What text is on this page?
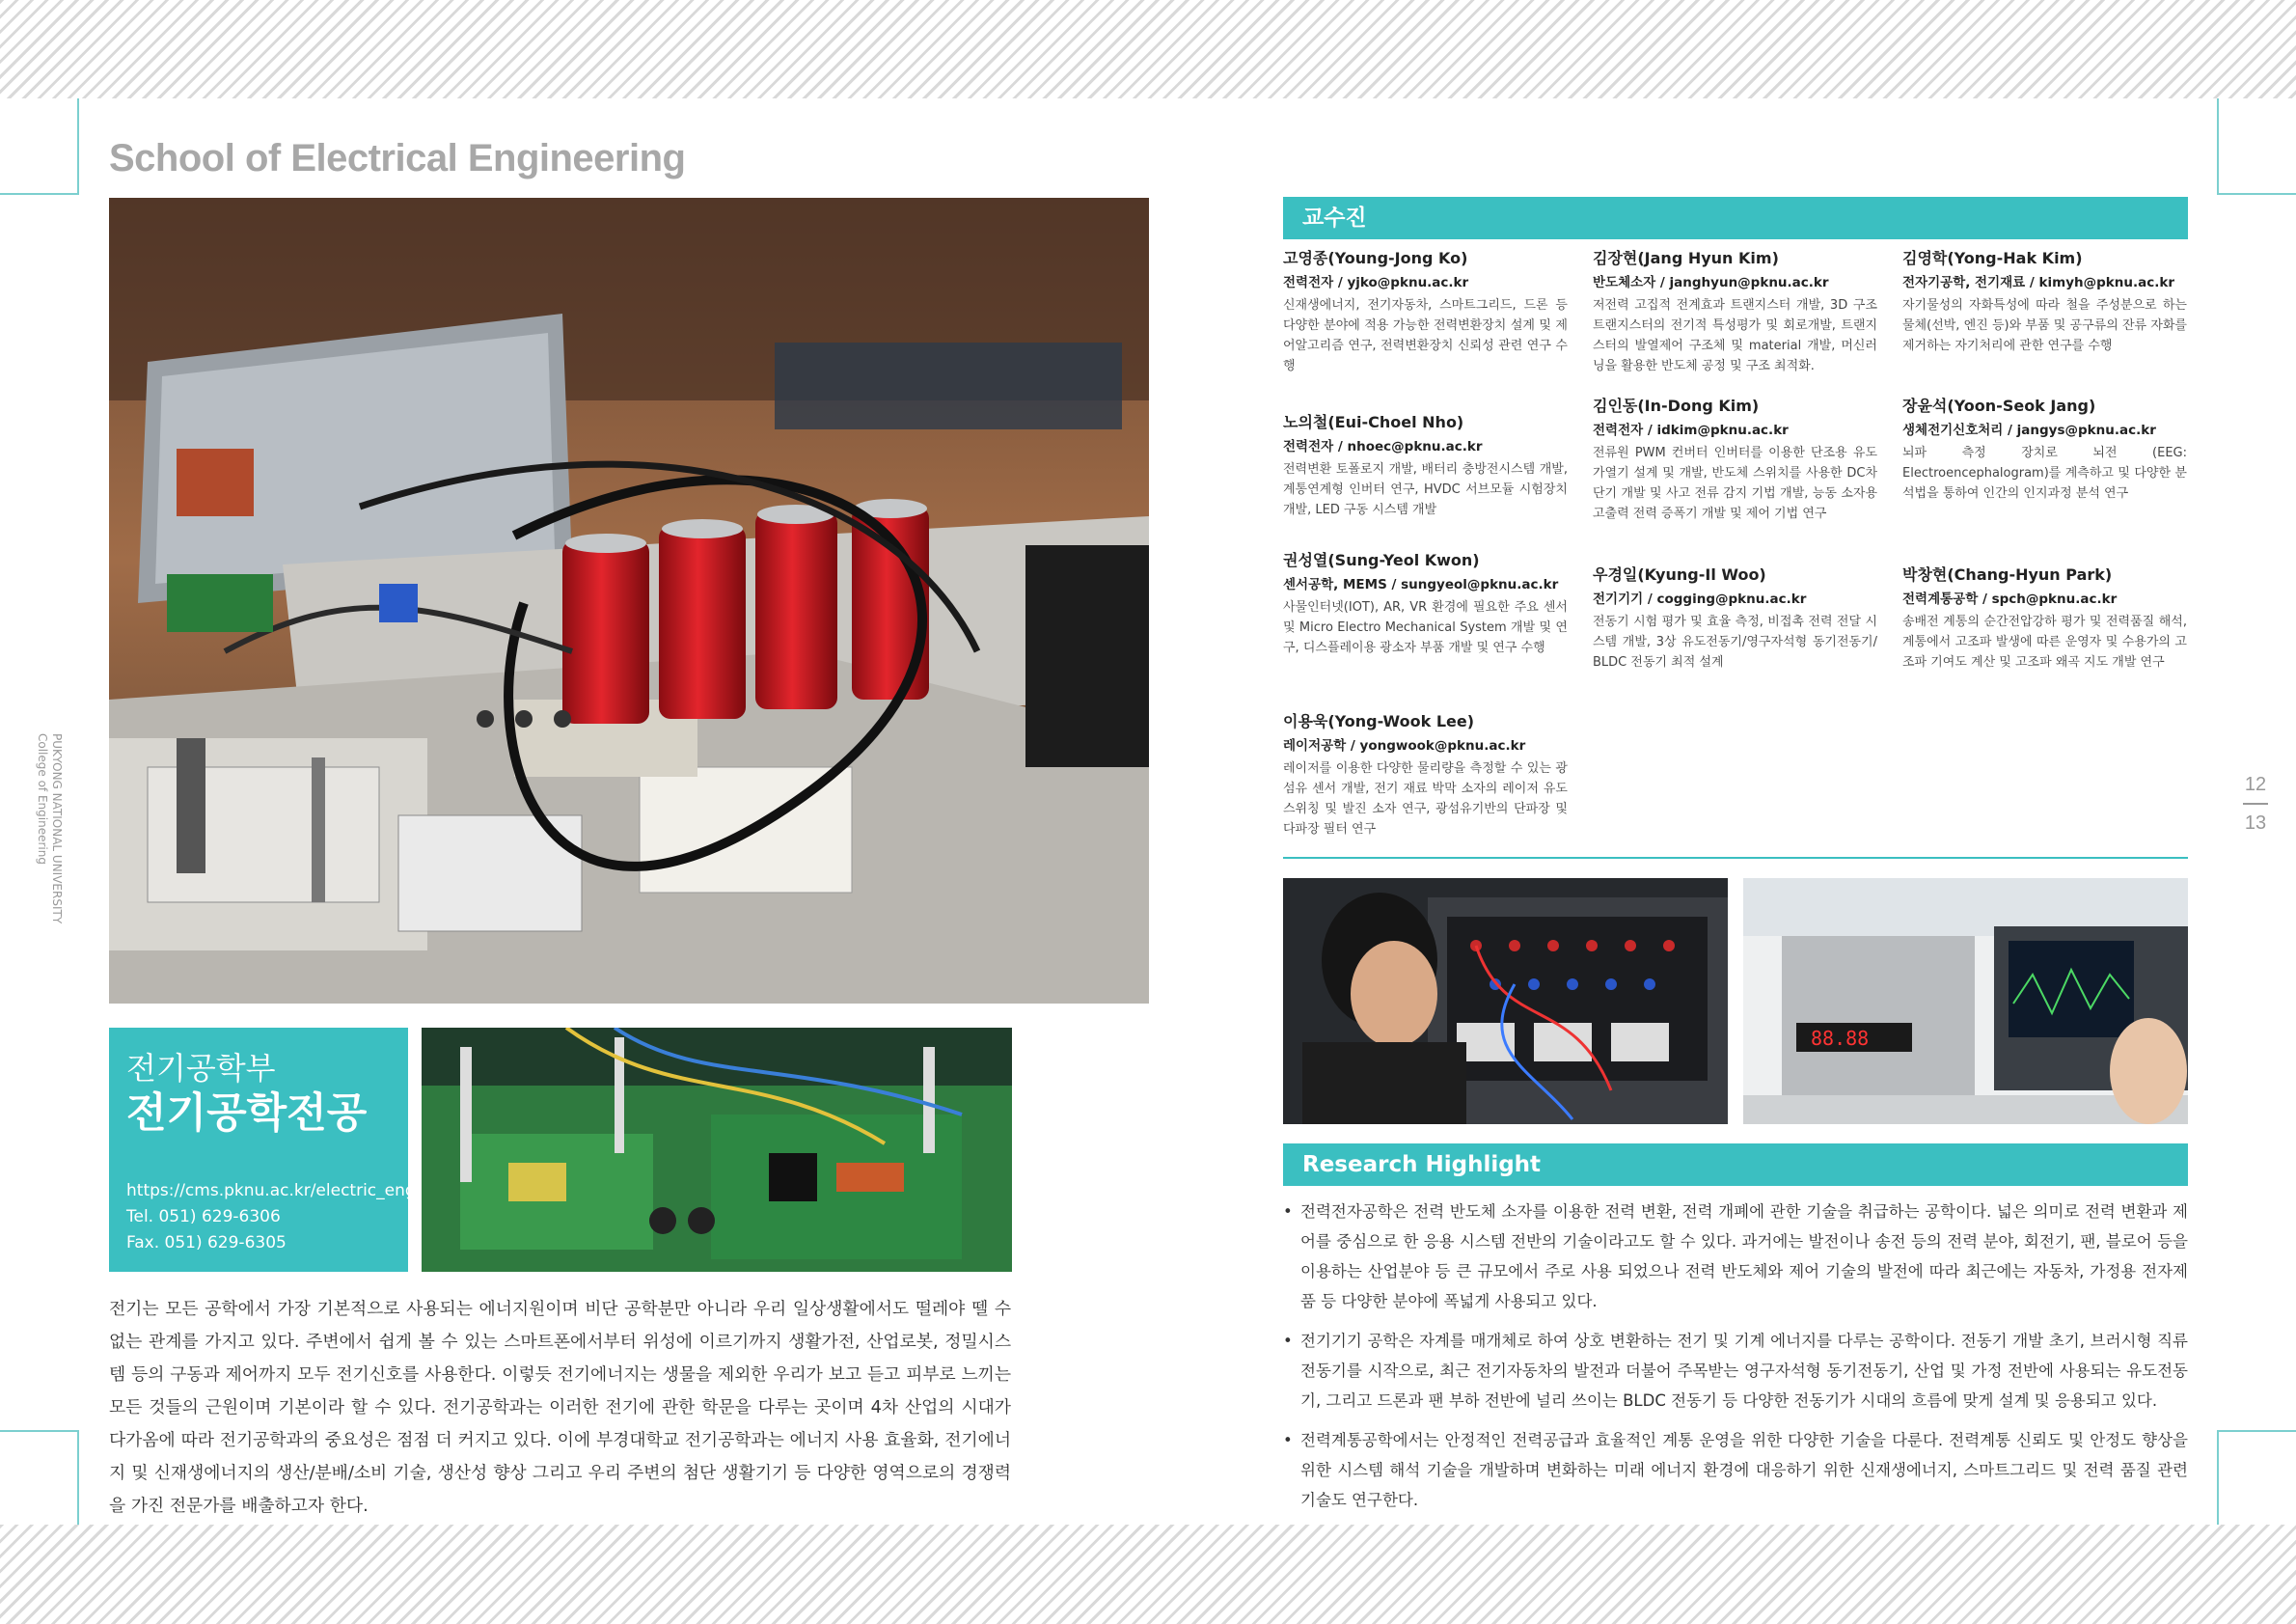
School of Electrical Engineering
전기공학부
전기공학전공
https://cms.pknu.ac.kr/electric_eng
Tel. 051) 629-6306
Fax. 051) 629-6305

전기는 모든 공학에서 가장 기본적으로 사용되는 에너지원이며 비단 공학분만 아니라 우리 일상생활에서도 떨레야 뗄 수 없는 관계를 가지고 있다. 주변에서 쉽게 볼 수 있는 스마트폰에서부터 위성에 이르기까지 생활가전, 산업로봇, 정밀시스템 등의 구동과 제어까지 모두 전기신호를 사용한다. 이렇듯 전기에너지는 생물을 제외한 우리가 보고 듣고 피부로 느끼는 모든 것들의 근원이며 기본이라 할 수 있다. 전기공학과는 이러한 전기에 관한 학문을 다루는 곳이며 4차 산업의 시대가 다가옴에 따라 전기공학과의 중요성은 점점 더 커지고 있다. 이에 부경대학교 전기공학과는 에너지 사용 효율화, 전기에너지 및 신재생에너지의 생산/분배/소비 기술, 생산성 향상 그리고 우리 주변의 첨단 생활기기 등 다양한 영역으로의 경쟁력을 가진 전문가를 배출하고자 한다.

PUKYONG NATIONAL UNIVERSITY
College of Engineering	12
13
교수진

고영종(Young-Jong Ko)

전력전자 / yjko@pknu.ac.kr

신재생에너지, 전기자동차, 스마트그리드, 드론 등 다양한 분야에 적용 가능한 전력변환장치 설계 및 제어알고리즘 연구, 전력변환장치 신뢰성 관련 연구 수행

노의철(Eui-Choel Nho)

전력전자 / nhoec@pknu.ac.kr

전력변환 토폴로지 개발, 배터리 충방전시스템 개발, 계통연계형 인버터 연구, HVDC 서브모듈 시험장치 개발, LED 구동 시스템 개발

권성열(Sung-Yeol Kwon)

센서공학, MEMS / sungyeol@pknu.ac.kr

사물인터넷(IOT), AR, VR 환경에 필요한 주요 센서 및 Micro Electro Mechanical System 개발 및 연구, 디스플레이용 광소자 부품 개발 및 연구 수행

이용욱(Yong-Wook Lee)

레이저공학 / yongwook@pknu.ac.kr

레이저를 이용한 다양한 물리량을 측정할 수 있는 광섬유 센서 개발, 전기 재료 박막 소자의 레이저 유도 스위칭 및 발진 소자 연구, 광섬유기반의 단파장 및 다파장 필터 연구

김장현(Jang Hyun Kim)

반도체소자 / janghyun@pknu.ac.kr

저전력 고집적 전계효과 트랜지스터 개발, 3D 구조 트랜지스터의 전기적 특성평가 및 회로개발, 트랜지스터의 발열제어 구조체 및 material 개발, 머신러닝을 활용한 반도체 공정 및 구조 최적화.

김인동(In-Dong Kim)

전력전자 / idkim@pknu.ac.kr

전류원 PWM 컨버터 인버터를 이용한 단조용 유도가열기 설계 및 개발, 반도체 스위치를 사용한 DC차단기 개발 및 사고 전류 감지 기법 개발, 능동 소자용 고출력 전력 증폭기 개발 및 제어 기법 연구

우경일(Kyung-Il Woo)

전기기기 / cogging@pknu.ac.kr

전동기 시험 평가 및 효율 측정, 비접촉 전력 전달 시스템 개발, 3상 유도전동기/영구자석형 동기전동기/ BLDC 전동기 최적 설계

김영학(Yong-Hak Kim)

전자기공학, 전기재료 / kimyh@pknu.ac.kr

자기물성의 자화특성에 따라 철을 주성분으로 하는 물체(선박, 엔진 등)와 부품 및 공구류의 잔류 자화를 제거하는 자기처리에 관한 연구를 수행

장윤석(Yoon-Seok Jang)

생체전기신호처리 / jangys@pknu.ac.kr

뇌파 측정 장치로 뇌전 (EEG: Electroencephalogram)를 계측하고 및 다양한 분석법을 통하여 인간의 인지과정 분석 연구

박창현(Chang-Hyun Park)

전력계통공학 / spch@pknu.ac.kr

송배전 계통의 순간전압강하 평가 및 전력품질 해석, 계통에서 고조파 발생에 따른 운영자 및 수용가의 고조파 기여도 계산 및 고조파 왜곡 지도 개발 연구

88.88
Research Highlight
• 전력전자공학은 전력 반도체 소자를 이용한 전력 변환, 전력 개폐에 관한 기술을 취급하는 공학이다. 넓은 의미로 전력 변환과 제어를 중심으로 한 응용 시스템 전반의 기술이라고도 할 수 있다. 과거에는 발전이나 송전 등의 전력 분야, 회전기, 팬, 블로어 등을 이용하는 산업분야 등 큰 규모에서 주로 사용 되었으나 전력 반도체와 제어 기술의 발전에 따라 최근에는 자동차, 가정용 전자제품 등 다양한 분야에 폭넓게 사용되고 있다.
• 전기기기 공학은 자계를 매개체로 하여 상호 변환하는 전기 및 기계 에너지를 다루는 공학이다. 전동기 개발 초기, 브러시형 직류 전동기를 시작으로, 최근 전기자동차의 발전과 더불어 주목받는 영구자석형 동기전동기, 산업 및 가정 전반에 사용되는 유도전동기, 그리고 드론과 팬 부하 전반에 널리 쓰이는 BLDC 전동기 등 다양한 전동기가 시대의 흐름에 맞게 설계 및 응용되고 있다.
• 전력계통공학에서는 안정적인 전력공급과 효율적인 계통 운영을 위한 다양한 기술을 다룬다. 전력계통 신뢰도 및 안정도 향상을 위한 시스템 해석 기술을 개발하며 변화하는 미래 에너지 환경에 대응하기 위한 신재생에너지, 스마트그리드 및 전력 품질 관련 기술도 연구한다.
